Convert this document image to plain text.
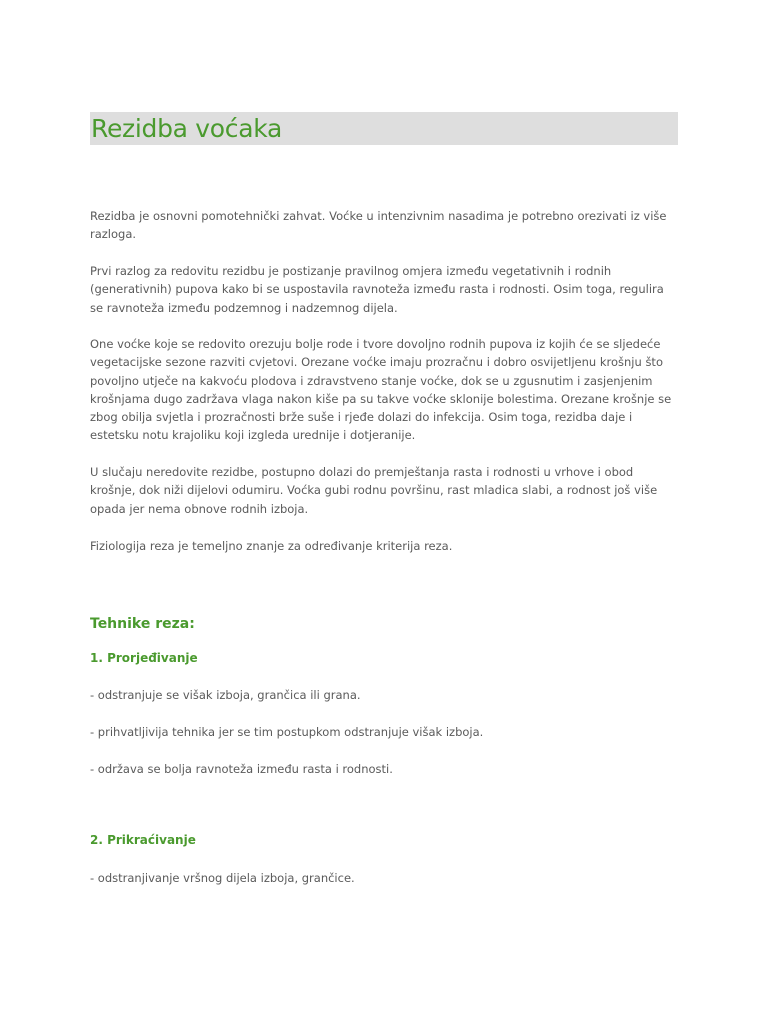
Rezidba voćaka

Rezidba je osnovni pomotehnički zahvat. Voćke u intenzivnim nasadima je potrebno orezivati iz više razloga.

Prvi razlog za redovitu rezidbu je postizanje pravilnog omjera između vegetativnih i rodnih (generativnih) pupova kako bi se uspostavila ravnoteža između rasta i rodnosti. Osim toga, regulira se ravnoteža između podzemnog i nadzemnog dijela.

One voćke koje se redovito orezuju bolje rode i tvore dovoljno rodnih pupova iz kojih će se sljedeće vegetacijske sezone razviti cvjetovi. Orezane voćke imaju prozračnu i dobro osvijetljenu krošnju što povoljno utječe na kakvoću plodova i zdravstveno stanje voćke, dok se u zgusnutim i zasjenjenim krošnjama dugo zadržava vlaga nakon kiše pa su takve voćke sklonije bolestima. Orezane krošnje se zbog obilja svjetla i prozračnosti brže suše i rjeđe dolazi do infekcija. Osim toga, rezidba daje i estetsku notu krajoliku koji izgleda urednije i dotjeranije.

U slučaju neredovite rezidbe, postupno dolazi do premještanja rasta i rodnosti u vrhove i obod krošnje, dok niži dijelovi odumiru. Voćka gubi rodnu površinu, rast mladica slabi, a rodnost još više opada jer nema obnove rodnih izboja.

Fiziologija reza je temeljno znanje za određivanje kriterija reza.

Tehnike reza:
1. Prorjeđivanje

- odstranjuje se višak izboja, grančica ili grana.

- prihvatljivija tehnika jer se tim postupkom odstranjuje višak izboja.

- održava se bolja ravnoteža između rasta i rodnosti.

2. Prikraćivanje

- odstranjivanje vršnog dijela izboja, grančice.
